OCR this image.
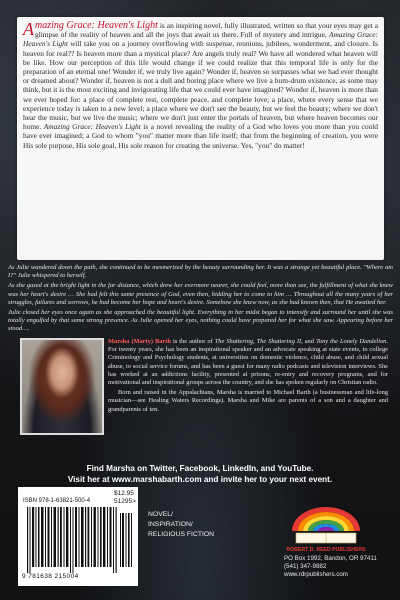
Amazing Grace: Heaven's Light is an inspiring novel, fully illustrated, written so that your eyes may get a glimpse of the reality of heaven and all the joys that await us there. Full of mystery and intrigue, Amazing Grace: Heaven's Light will take you on a journey overflowing with suspense, reunions, jubilees, wonderment, and closure. Is heaven for real?? Is heaven more than a mystical place? Are angels truly real? We have all wondered what heaven will be like. How our perception of this life would change if we could realize that this temporal life is only for the preparation of an eternal one! Wonder if, we truly live again? Wonder if, heaven so surpasses what we had ever thought or dreamed about? Wonder if, heaven is not a dull and boring place where we live a hum-drum existence, as some may think, but it is the most exciting and invigorating life that we could ever have imagined? Wonder if, heaven is more than we ever hoped for: a place of complete rest, complete peace, and complete love; a place, where every sense that we experience today is taken to a new level; a place where we don't see the beauty, but we feel the beauty; where we don't hear the music, but we live the music; where we don't just enter the portals of heaven, but where heaven becomes our home. Amazing Grace: Heaven's Light is a novel revealing the reality of a God who loves you more than you could have ever imagined; a God to whom "you" matter more than life itself; that from the beginning of creation, you were His sole purpose, His sole goal, His sole reason for creating the universe. Yes, "you" do matter!

As Julie wandered down the path, she continued to be mesmerized by the beauty surrounding her. It was a strange yet beautiful place. "Where am I?" Julie whispered to herself.

As she gazed at the bright light in the far distance, which drew her evermore nearer, she could feel, more than see, the fulfillment of what she knew was her heart's desire … She had felt this same presence of God, even then, bidding her to come to him … Throughout all the many years of her struggles, failures and sorrows, he had become her hope and heart's desire. Somehow she knew now, as she had known then, that He awaited her.

Julie closed her eyes once again as she approached the beautiful light. Everything in her midst began to intensify and surround her until she was totally engulfed by that same strong presence. As Julie opened her eyes, nothing could have prepared her for what she saw. Appearing before her stood….

Marsha (Marty) Barth is the author of The Shattering, The Shattering II, and Tony the Lonely Dandelion. For twenty years, she has been an inspirational speaker and an advocate speaking at state events, to college Criminology and Psychology students, at universities on domestic violence, child abuse, and child sexual abuse, to social service forums, and has been a guest for many radio podcasts and television interviews. She has worked at an addictions facility, presented at prisons, re-entry and recovery programs, and for motivational and inspirational groups across the country, and she has spoken regularly on Christian radio.

Born and raised in the Appalachians, Marsha is married to Michael Barth (a businessman and life-long musician—see Healing Waters Recordings). Marsha and Mike are parents of a son and a daughter and grandparents of ten.

Find Marsha on Twitter, Facebook, LinkedIn, and YouTube.
Visit her at www.marshabarth.com and invite her to your next event.
$12.95
ISBN 978-1-63821-500-4	51295>
9 781638 215004
NOVEL/
INSPIRATION/
RELIGIOUS FICTION
ROBERT D. REED PUBLISHERS
PO Box 1992, Bandon, OR 97411
(541) 347-9882
www.rdrpublishers.com
